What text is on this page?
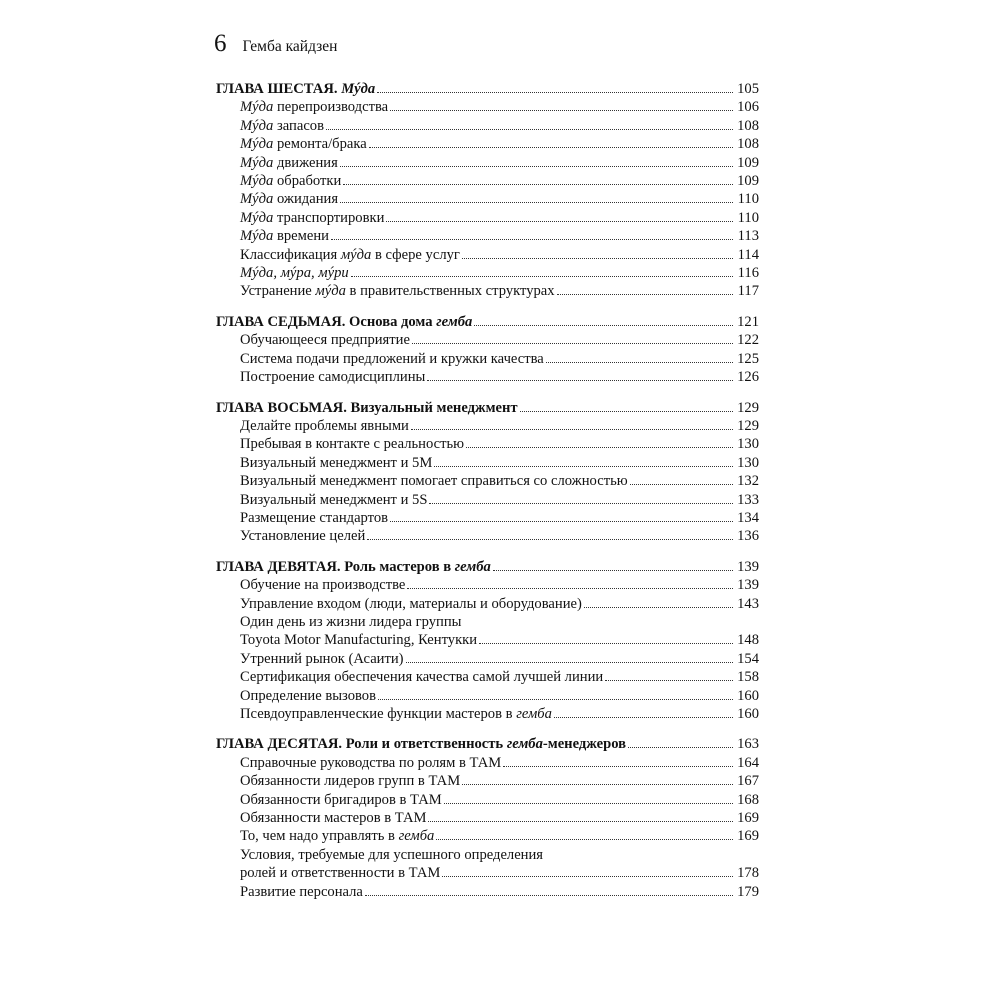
6 Гемба кайдзен
ГЛАВА ШЕСТАЯ. Мýда	105
Мýда перепроизводства	106
Мýда запасов	108
Мýда ремонта/брака	108
Мýда движения	109
Мýда обработки	109
Мýда ожидания	110
Мýда транспортировки	110
Мýда времени	113
Классификация мýда в сфере услуг	114
Мýда, мýра, мýри	116
Устранение мýда в правительственных структурах	117
ГЛАВА СЕДЬМАЯ. Основа дома гемба	121
Обучающееся предприятие	122
Система подачи предложений и кружки качества	125
Построение самодисциплины	126
ГЛАВА ВОСЬМАЯ. Визуальный менеджмент	129
Делайте проблемы явными	129
Пребывая в контакте с реальностью	130
Визуальный менеджмент и 5М	130
Визуальный менеджмент помогает справиться со сложностью	132
Визуальный менеджмент и 5S	133
Размещение стандартов	134
Установление целей	136
ГЛАВА ДЕВЯТАЯ. Роль мастеров в гемба	139
Обучение на производстве	139
Управление входом (люди, материалы и оборудование)	143
Один день из жизни лидера группы
Toyota Motor Manufacturing, Кентукки	148
Утренний рынок (Асаити)	154
Сертификация обеспечения качества самой лучшей линии	158
Определение вызовов	160
Псевдоуправленческие функции мастеров в гемба	160
ГЛАВА ДЕСЯТАЯ. Роли и ответственность гемба-менеджеров	163
Справочные руководства по ролям в ТАМ	164
Обязанности лидеров групп в ТАМ	167
Обязанности бригадиров в ТАМ	168
Обязанности мастеров в ТАМ	169
То, чем надо управлять в гемба	169
Условия, требуемые для успешного определения
ролей и ответственности в ТАМ	178
Развитие персонала	179
